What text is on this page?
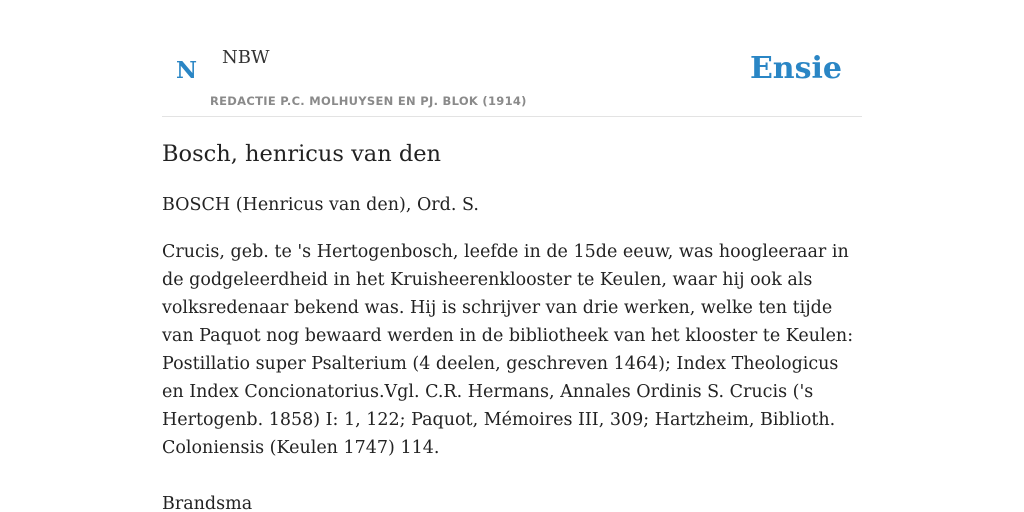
N NBW
REDACTIE P.C. MOLHUYSEN EN PJ. BLOK (1914)
Ensie
Bosch, henricus van den

BOSCH (Henricus van den), Ord. S.

Crucis, geb. te 's Hertogenbosch, leefde in de 15de eeuw, was hoogleeraar in de godgeleerdheid in het Kruisheerenklooster te Keulen, waar hij ook als volksredenaar bekend was. Hij is schrijver van drie werken, welke ten tijde van Paquot nog bewaard werden in de bibliotheek van het klooster te Keulen: Postillatio super Psalterium (4 deelen, geschreven 1464); Index Theologicus en Index Concionatorius.Vgl. C.R. Hermans, Annales Ordinis S. Crucis ('s Hertogenb. 1858) I: 1, 122; Paquot, Mémoires III, 309; Hartzheim, Biblioth. Coloniensis (Keulen 1747) 114.

Brandsma
